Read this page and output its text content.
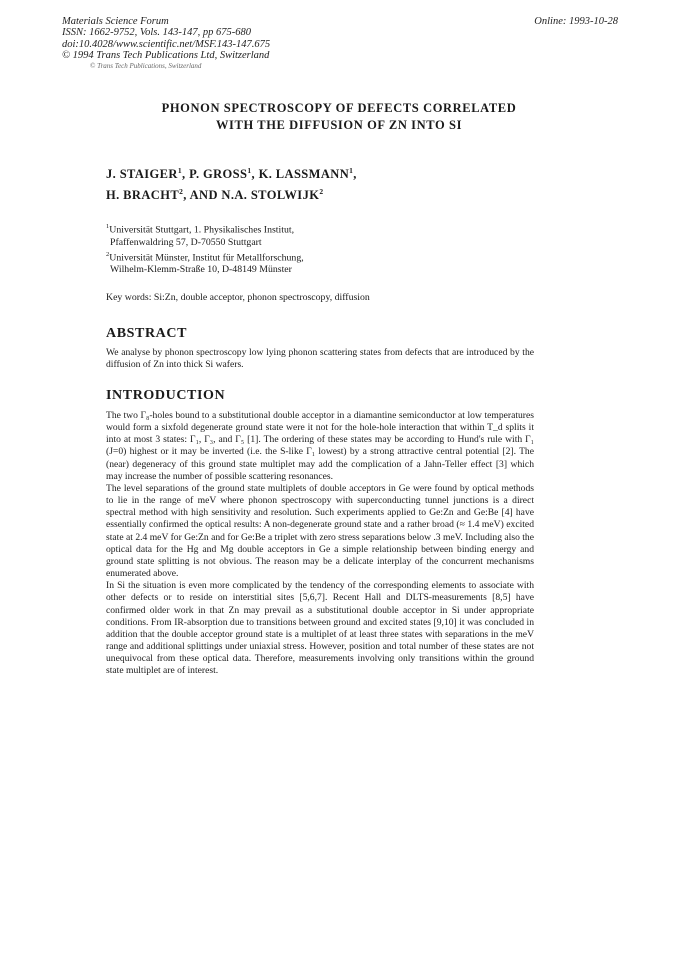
Materials Science Forum
ISSN: 1662-9752, Vols. 143-147, pp 675-680
doi:10.4028/www.scientific.net/MSF.143-147.675
© 1994 Trans Tech Publications Ltd, Switzerland
© Trans Tech Publications, Switzerland
Online: 1993-10-28
PHONON SPECTROSCOPY OF DEFECTS CORRELATED
WITH THE DIFFUSION OF ZN INTO SI
J. STAIGER$^1$, P. GROSS$^1$, K. LASSMANN$^1$,
H. BRACHT$^2$, AND N.A. STOLWIJK$^2$
$^1$Universität Stuttgart, 1. Physikalisches Institut,
Pfaffenwaldring 57, D-70550 Stuttgart
$^2$Universität Münster, Institut für Metallforschung,
Wilhelm-Klemm-Straße 10, D-48149 Münster
Key words: Si:Zn, double acceptor, phonon spectroscopy, diffusion
ABSTRACT
We analyse by phonon spectroscopy low lying phonon scattering states from defects that are introduced by the diffusion of Zn into thick Si wafers.
INTRODUCTION

The two Γ₈-holes bound to a substitutional double acceptor in a diamantine semiconductor at low temperatures would form a sixfold degenerate ground state were it not for the hole-hole interaction that within T_d splits it into at most 3 states: Γ₁, Γ₃, and Γ₅ [1]. The ordering of these states may be according to Hund's rule with Γ₁ (J=0) highest or it may be inverted (i.e. the S-like Γ₁ lowest) by a strong attractive central potential [2]. The (near) degeneracy of this ground state multiplet may add the complication of a Jahn-Teller effect [3] which may increase the number of possible scattering resonances.

The level separations of the ground state multiplets of double acceptors in Ge were found by optical methods to lie in the range of meV where phonon spectroscopy with superconducting tunnel junctions is a direct spectral method with high sensitivity and resolution. Such experiments applied to Ge:Zn and Ge:Be [4] have essentially confirmed the optical results: A non-degenerate ground state and a rather broad (≈ 1.4 meV) excited state at 2.4 meV for Ge:Zn and for Ge:Be a triplet with zero stress separations below .3 meV. Including also the optical data for the Hg and Mg double acceptors in Ge a simple relationship between binding energy and ground state splitting is not obvious. The reason may be a delicate interplay of the concurrent mechanisms enumerated above.

In Si the situation is even more complicated by the tendency of the corresponding elements to associate with other defects or to reside on interstitial sites [5,6,7]. Recent Hall and DLTS-measurements [8,5] have confirmed older work in that Zn may prevail as a substitutional double acceptor in Si under appropriate conditions. From IR-absorption due to transitions between ground and excited states [9,10] it was concluded in addition that the double acceptor ground state is a multiplet of at least three states with separations in the meV range and additional splittings under uniaxial stress. However, position and total number of these states are not unequivocal from these optical data. Therefore, measurements involving only transitions within the ground state multiplet are of interest.
